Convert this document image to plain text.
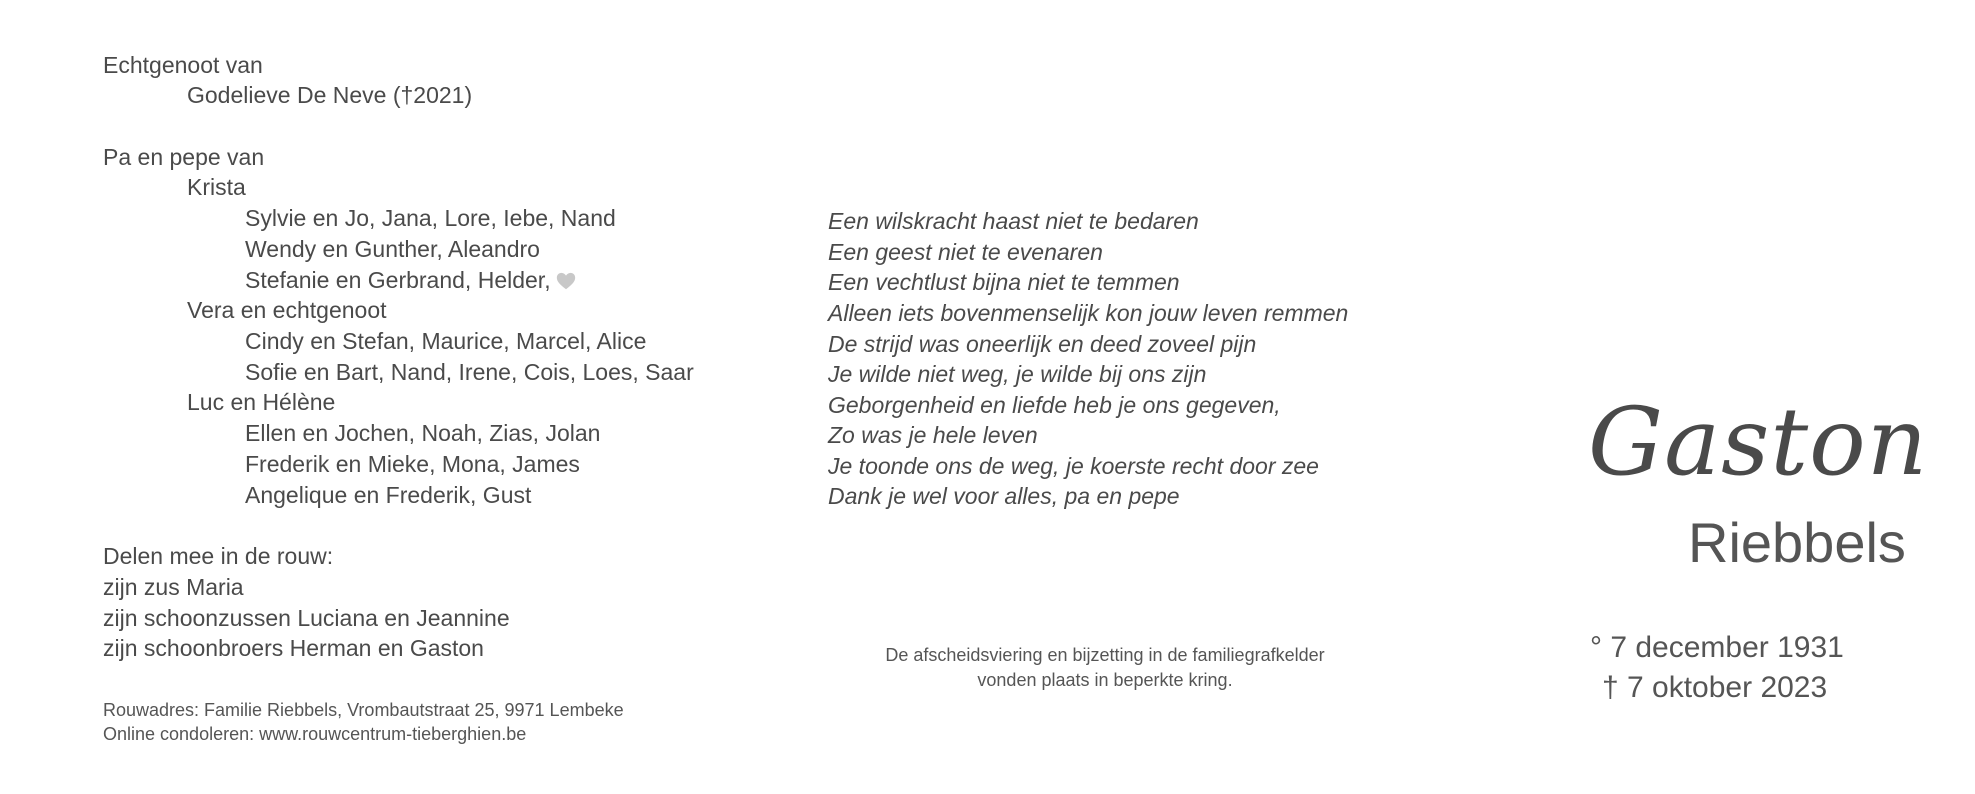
Echtgenoot van
Godelieve De Neve (†2021)
Pa en pepe van
Krista
Sylvie en Jo, Jana, Lore, Iebe, Nand
Wendy en Gunther, Aleandro
Stefanie en Gerbrand, Helder,
Vera en echtgenoot
Cindy en Stefan, Maurice, Marcel, Alice
Sofie en Bart, Nand, Irene, Cois, Loes, Saar
Luc en Hélène
Ellen en Jochen, Noah, Zias, Jolan
Frederik en Mieke, Mona, James
Angelique en Frederik, Gust
Delen mee in de rouw:
zijn zus Maria
zijn schoonzussen Luciana en Jeannine
zijn schoonbroers Herman en Gaston
Rouwadres: Familie Riebbels, Vrombautstraat 25, 9971 Lembeke
Online condoleren: www.rouwcentrum-tieberghien.be
Een wilskracht haast niet te bedaren
Een geest niet te evenaren
Een vechtlust bijna niet te temmen
Alleen iets bovenmenselijk kon jouw leven remmen
De strijd was oneerlijk en deed zoveel pijn
Je wilde niet weg, je wilde bij ons zijn
Geborgenheid en liefde heb je ons gegeven,
Zo was je hele leven
Je toonde ons de weg, je koerste recht door zee
Dank je wel voor alles, pa en pepe
De afscheidsviering en bijzetting in de familiegrafkelder
vonden plaats in beperkte kring.
Gaston
Riebbels
° 7 december 1931
† 7 oktober 2023
